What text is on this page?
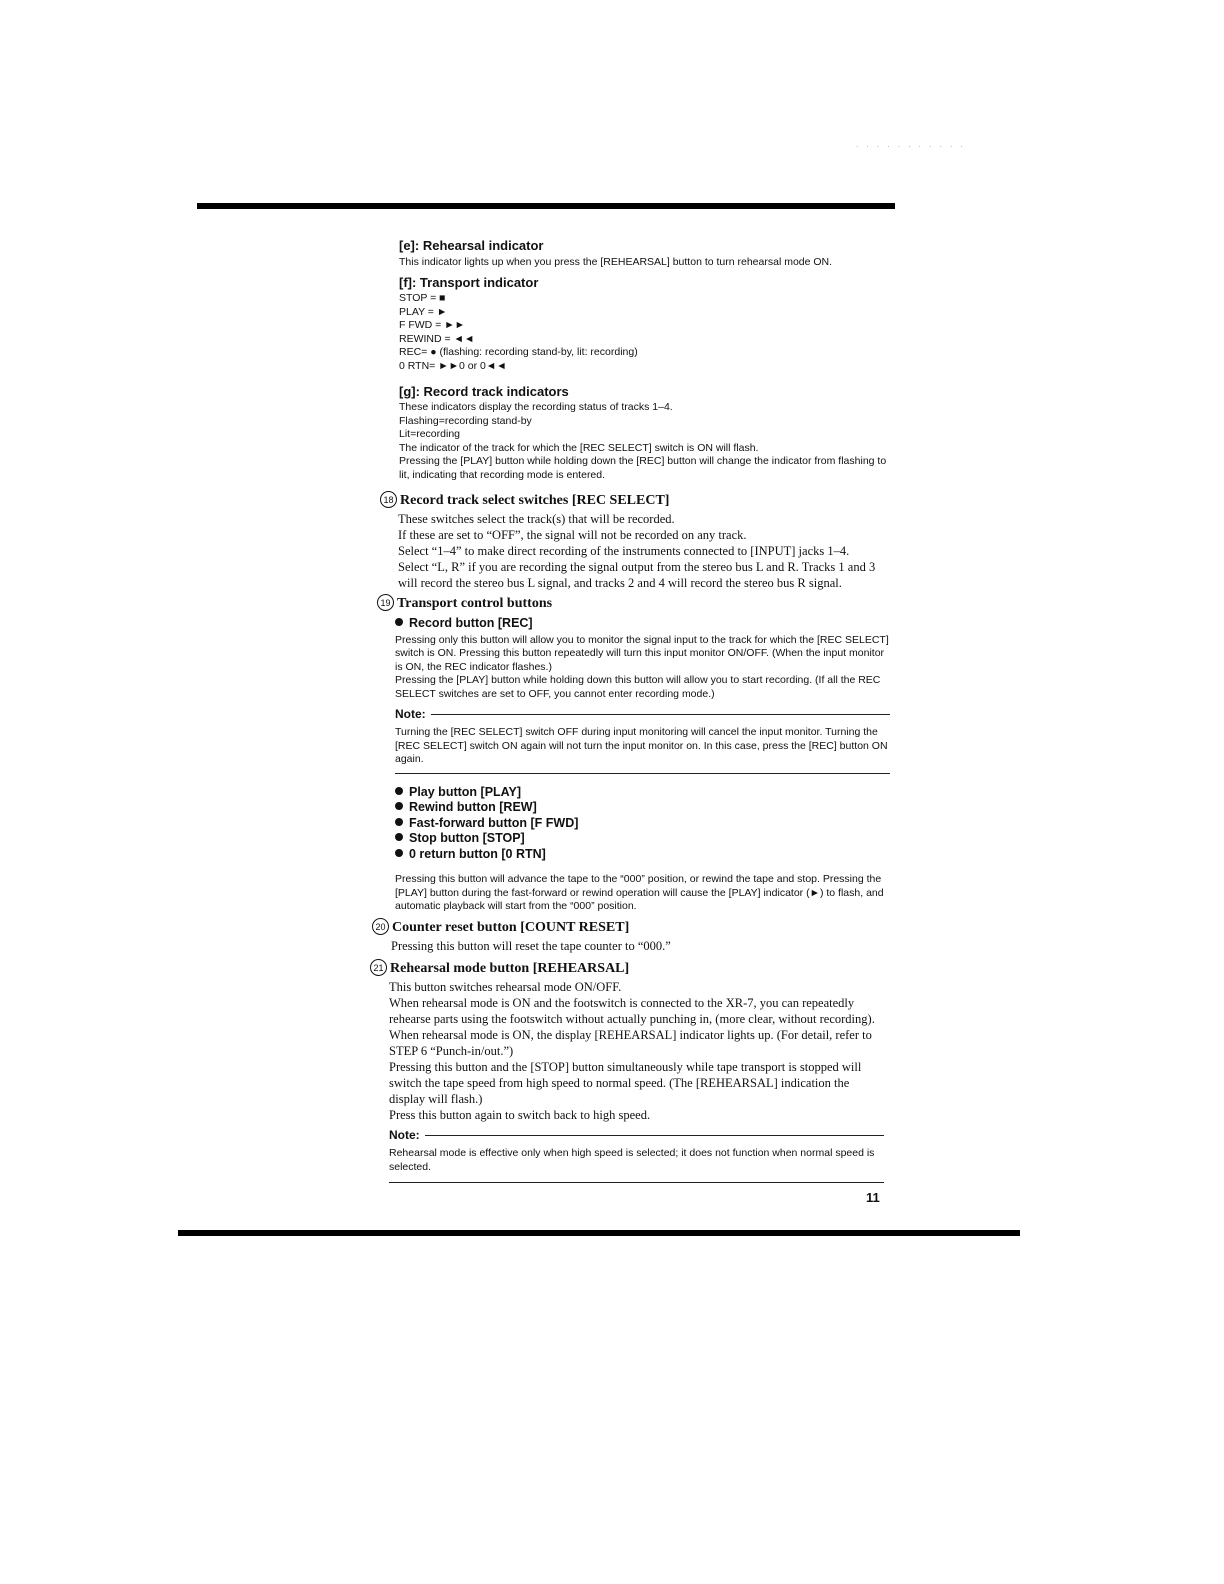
. . . . . . . . . . .
[e]: Rehearsal indicator
This indicator lights up when you press the [REHEARSAL] button to turn rehearsal mode ON.
[f]: Transport indicator
STOP = ■
PLAY = ►
F FWD = ►►
REWIND = ◄◄
REC= ● (flashing: recording stand-by, lit: recording)
0 RTN= ►►0 or 0◄◄
[g]: Record track indicators
These indicators display the recording status of tracks 1–4.
Flashing=recording stand-by
Lit=recording
The indicator of the track for which the [REC SELECT] switch is ON will flash.
Pressing the [PLAY] button while holding down the [REC] button will change the indicator from flashing to lit, indicating that recording mode is entered.
18 Record track select switches [REC SELECT]
These switches select the track(s) that will be recorded.
If these are set to “OFF”, the signal will not be recorded on any track.
Select “1–4” to make direct recording of the instruments connected to [INPUT] jacks 1–4.
Select “L, R” if you are recording the signal output from the stereo bus L and R. Tracks 1 and 3 will record the stereo bus L signal, and tracks 2 and 4 will record the stereo bus R signal.
19 Transport control buttons
Record button [REC]
Pressing only this button will allow you to monitor the signal input to the track for which the [REC SELECT] switch is ON. Pressing this button repeatedly will turn this input monitor ON/OFF. (When the input monitor is ON, the REC indicator flashes.)
Pressing the [PLAY] button while holding down this button will allow you to start recording. (If all the REC SELECT switches are set to OFF, you cannot enter recording mode.)
Note:
Turning the [REC SELECT] switch OFF during input monitoring will cancel the input monitor. Turning the [REC SELECT] switch ON again will not turn the input monitor on. In this case, press the [REC] button ON again.
Play button [PLAY]
Rewind button [REW]
Fast-forward button [F FWD]
Stop button [STOP]
0 return button [0 RTN]
Pressing this button will advance the tape to the “000” position, or rewind the tape and stop. Pressing the [PLAY] button during the fast-forward or rewind operation will cause the [PLAY] indicator (►) to flash, and automatic playback will start from the “000” position.
20 Counter reset button [COUNT RESET]
Pressing this button will reset the tape counter to “000.”
21 Rehearsal mode button [REHEARSAL]
This button switches rehearsal mode ON/OFF.
When rehearsal mode is ON and the footswitch is connected to the XR-7, you can repeatedly rehearse parts using the footswitch without actually punching in, (more clear, without recording). When rehearsal mode is ON, the display [REHEARSAL] indicator lights up. (For detail, refer to STEP 6 “Punch-in/out.”)
Pressing this button and the [STOP] button simultaneously while tape transport is stopped will switch the tape speed from high speed to normal speed. (The [REHEARSAL] indication the display will flash.)
Press this button again to switch back to high speed.
Note:
Rehearsal mode is effective only when high speed is selected; it does not function when normal speed is selected.
11
